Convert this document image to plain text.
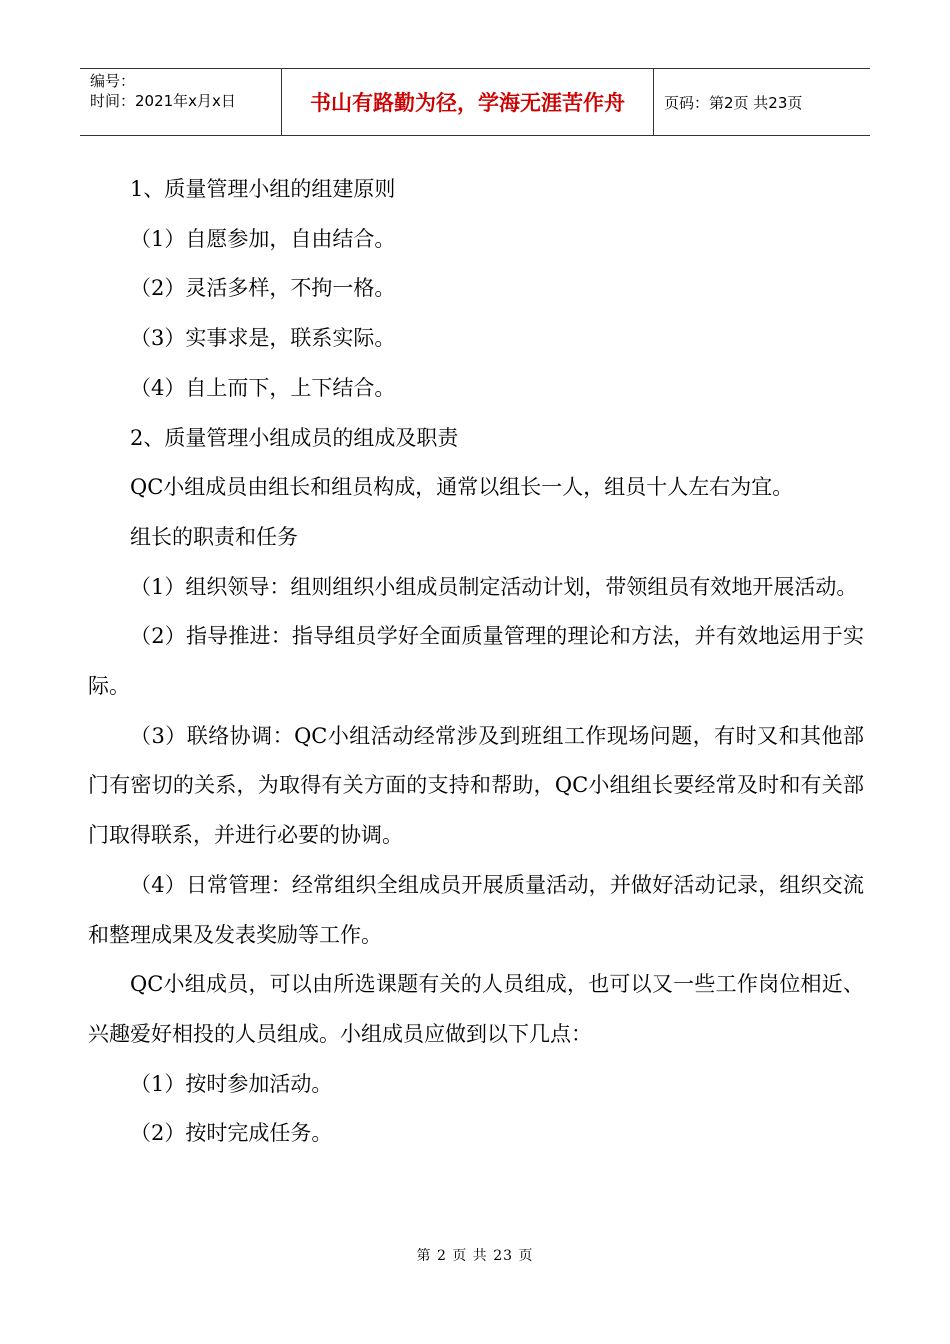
编号：
时间：2021年x月x日	书山有路勤为径，学海无涯苦作舟	页码：第2页 共23页

1、质量管理小组的组建原则

（1）自愿参加，自由结合。

（2）灵活多样，不拘一格。

（3）实事求是，联系实际。

（4）自上而下，上下结合。

2、质量管理小组成员的组成及职责

QC小组成员由组长和组员构成，通常以组长一人，组员十人左右为宜。

组长的职责和任务

（1）组织领导：组则组织小组成员制定活动计划，带领组员有效地开展活动。

（2）指导推进：指导组员学好全面质量管理的理论和方法，并有效地运用于实际。

（3）联络协调：QC小组活动经常涉及到班组工作现场问题，有时又和其他部门有密切的关系，为取得有关方面的支持和帮助，QC小组组长要经常及时和有关部门取得联系，并进行必要的协调。

（4）日常管理：经常组织全组成员开展质量活动，并做好活动记录，组织交流和整理成果及发表奖励等工作。

QC小组成员，可以由所选课题有关的人员组成，也可以又一些工作岗位相近、兴趣爱好相投的人员组成。小组成员应做到以下几点：

（1）按时参加活动。

（2）按时完成任务。

第 2 页 共 23 页
